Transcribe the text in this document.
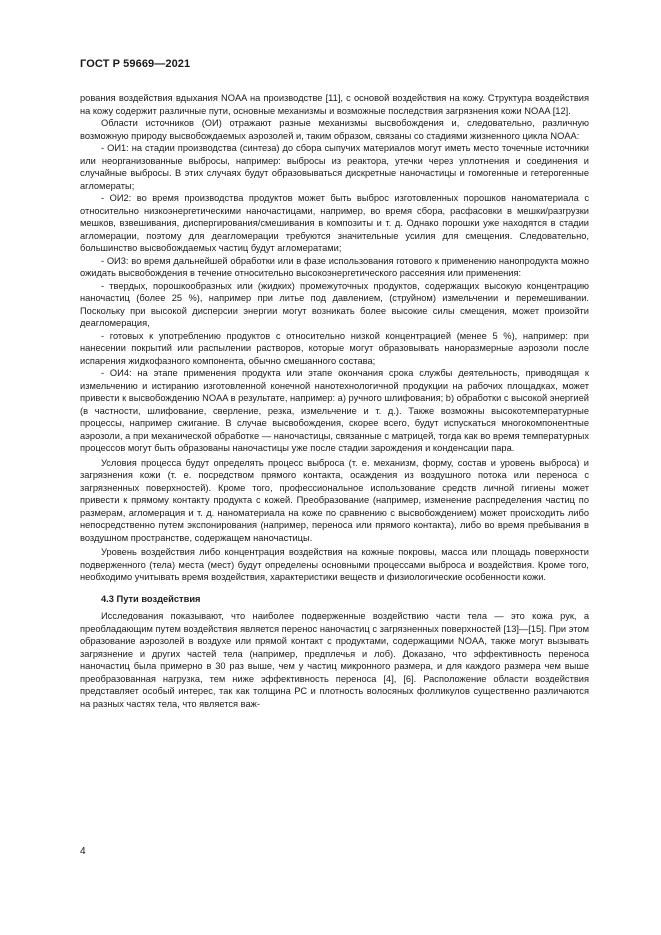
ГОСТ Р 59669—2021

рования воздействия вдыхания NOAA на производстве [11], с основой воздействия на кожу. Структура воздействия на кожу содержит различные пути, основные механизмы и возможные последствия загрязнения кожи NOAA [12].

Области источников (ОИ) отражают разные механизмы высвобождения и, следовательно, различную возможную природу высвобождаемых аэрозолей и, таким образом, связаны со стадиями жизненного цикла NOAA:

- ОИ1: на стадии производства (синтеза) до сбора сыпучих материалов могут иметь место точечные источники или неорганизованные выбросы, например: выбросы из реактора, утечки через уплотнения и соединения и случайные выбросы. В этих случаях будут образовываться дискретные наночастицы и гомогенные и гетерогенные агломераты;

- ОИ2: во время производства продуктов может быть выброс изготовленных порошков наноматериала с относительно низкоэнергетическими наночастицами, например, во время сбора, расфасовки в мешки/разгрузки мешков, взвешивания, диспергирования/смешивания в композиты и т. д. Однако порошки уже находятся в стадии агломерации, поэтому для деагломерации требуются значительные усилия для смещения. Следовательно, большинство высвобождаемых частиц будут агломератами;

- ОИ3: во время дальнейшей обработки или в фазе использования готового к применению нанопродукта можно ожидать высвобождения в течение относительно высокоэнергетического рассеяния или применения:

- твердых, порошкообразных или (жидких) промежуточных продуктов, содержащих высокую концентрацию наночастиц (более 25 %), например при литье под давлением, (струйном) измельчении и перемешивании. Поскольку при высокой дисперсии энергии могут возникать более высокие силы смещения, может произойти деагломерация,

- готовых к употреблению продуктов с относительно низкой концентрацией (менее 5 %), например: при нанесении покрытий или распылении растворов, которые могут образовывать наноразмерные аэрозоли после испарения жидкофазного компонента, обычно смешанного состава;

- ОИ4: на этапе применения продукта или этапе окончания срока службы деятельность, приводящая к измельчению и истиранию изготовленной конечной нанотехнологичной продукции на рабочих площадках, может привести к высвобождению NOAA в результате, например: а) ручного шлифования; b) обработки с высокой энергией (в частности, шлифование, сверление, резка, измельчение и т. д.). Также возможны высокотемпературные процессы, например сжигание. В случае высвобождения, скорее всего, будут испускаться многокомпонентные аэрозоли, а при механической обработке — наночастицы, связанные с матрицей, тогда как во время температурных процессов могут быть образованы наночастицы уже после стадии зарождения и конденсации пара.

Условия процесса будут определять процесс выброса (т. е. механизм, форму, состав и уровень выброса) и загрязнения кожи (т. е. посредством прямого контакта, осаждения из воздушного потока или переноса с загрязненных поверхностей). Кроме того, профессиональное использование средств личной гигиены может привести к прямому контакту продукта с кожей. Преобразование (например, изменение распределения частиц по размерам, агломерация и т. д. наноматериала на коже по сравнению с высвобождением) может происходить либо непосредственно путем экспонирования (например, переноса или прямого контакта), либо во время пребывания в воздушном пространстве, содержащем наночастицы.

Уровень воздействия либо концентрация воздействия на кожные покровы, масса или площадь поверхности подверженного (тела) места (мест) будут определены основными процессами выброса и воздействия. Кроме того, необходимо учитывать время воздействия, характеристики веществ и физиологические особенности кожи.

4.3 Пути воздействия

Исследования показывают, что наиболее подверженные воздействию части тела — это кожа рук, а преобладающим путем воздействия является перенос наночастиц с загрязненных поверхностей [13]—[15]. При этом образование аэрозолей в воздухе или прямой контакт с продуктами, содержащими NOAA, также могут вызывать загрязнение и других частей тела (например, предплечья и лоб). Доказано, что эффективность переноса наночастиц была примерно в 30 раз выше, чем у частиц микронного размера, и для каждого размера чем выше преобразованная нагрузка, тем ниже эффективность переноса [4], [6]. Расположение области воздействия представляет особый интерес, так как толщина РС и плотность волосяных фолликулов существенно различаются на разных частях тела, что является важ-

4
